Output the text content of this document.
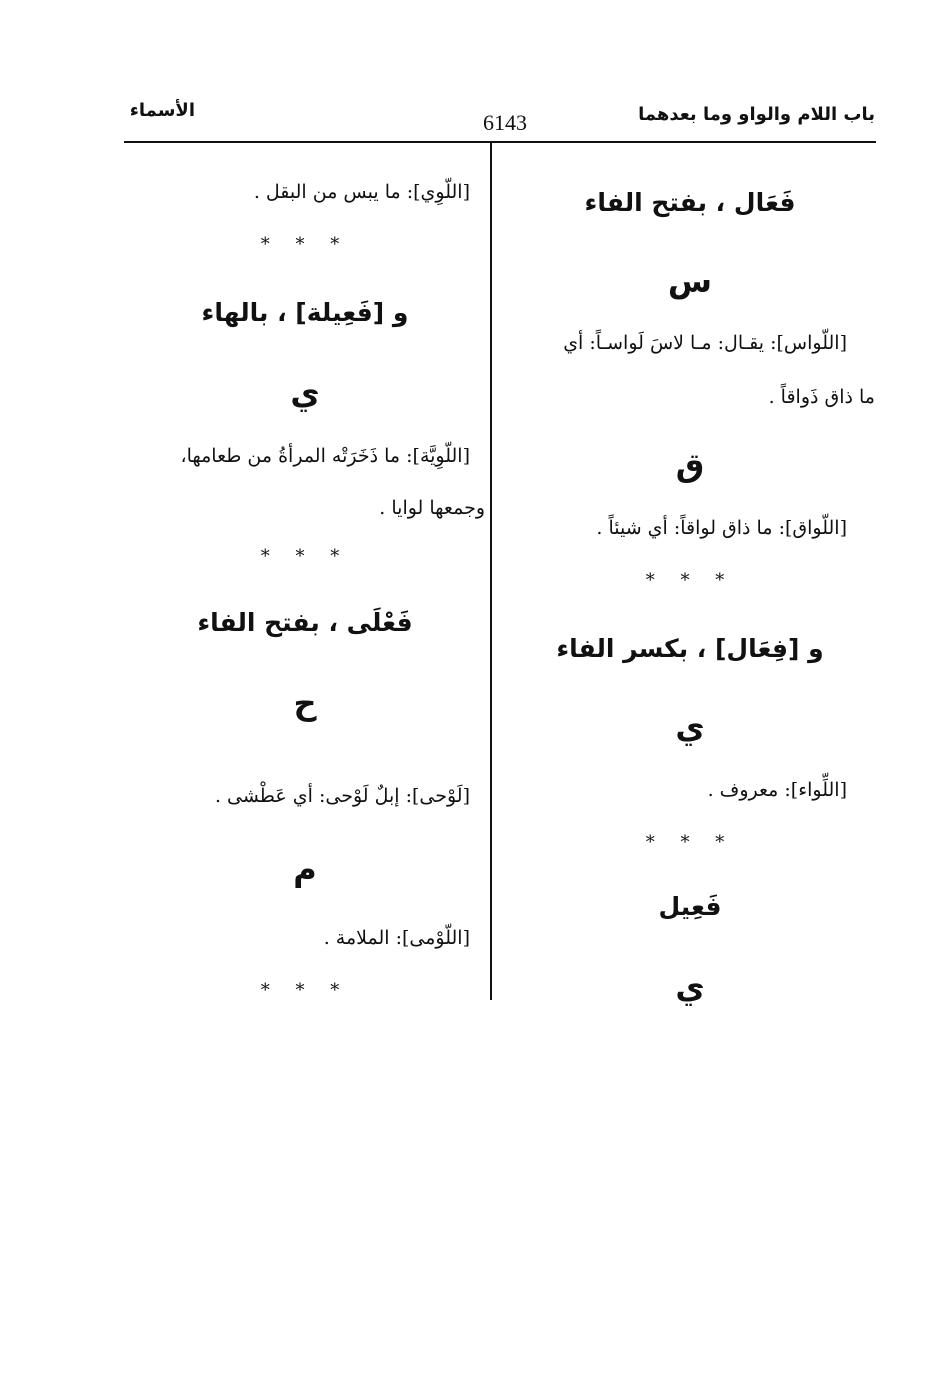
باب اللام والواو وما بعدهما
6143
الأسماء
فَعَال ، بفتح الفاء
س
[اللّواس]: يقـال: مـا لاسَ لَواسـاً: أي
ما ذاق ذَواقاً .
ق
[اللّواق]: ما ذاق لواقاً: أي شيئاً .
* * *
و [فِعَال] ، بكسر الفاء
ي
[اللِّواء]: معروف .
* * *
فَعِيل
ي
[اللّوِي]: ما يبس من البقل .
* * *
و [فَعِيلة] ، بالهاء
ي
[اللّوِيَّة]: ما ذَخَرَتْه المرأةُ من طعامها،
وجمعها لوايا .
* * *
فَعْلَى ، بفتح الفاء
ح
[لَوْحى]: إبلٌ لَوْحى: أي عَطْشى .
م
[اللّوْمى]: الملامة .
* * *
